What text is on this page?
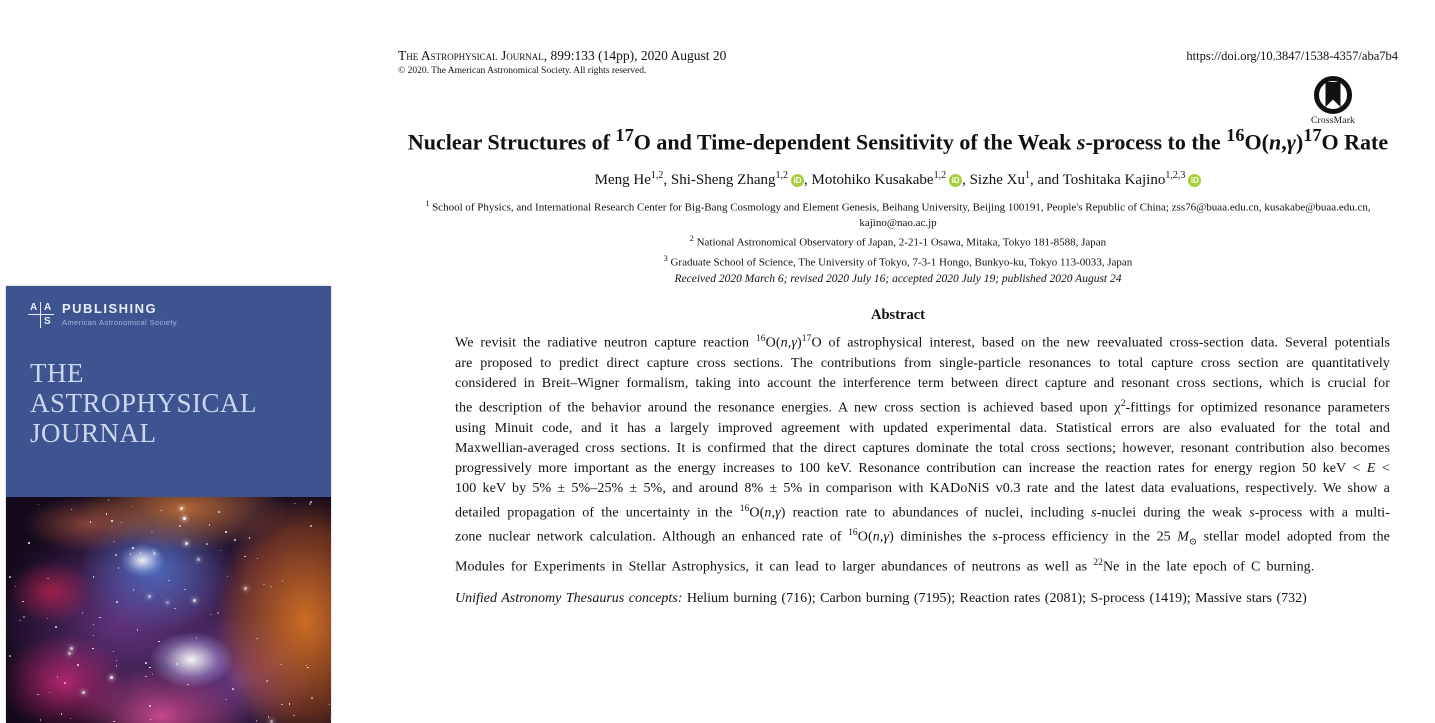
A A
S
PUBLISHING
American Astronomical Society
THE
ASTROPHYSICAL
JOURNAL
The Astrophysical Journal, 899:133 (14pp), 2020 August 20
© 2020. The American Astronomical Society. All rights reserved.
https://doi.org/10.3847/1538-4357/aba7b4
CrossMark
Nuclear Structures of $^{17}$O and Time-dependent Sensitivity of the Weak s-process to the $^{16}O(n,\gamma)^{17}O$ Rate
Meng He$^{1,2}$, Shi-Sheng Zhang$^{1,2}$ iD , Motohiko Kusakabe$^{1,2}$ iD , Sizhe Xu$^1$, and Toshitaka Kajino$^{1,2,3}$ iD
$^1$ School of Physics, and International Research Center for Big-Bang Cosmology and Element Genesis, Beihang University, Beijing 100191, People's Republic of China; zss76@buaa.edu.cn, kusakabe@buaa.edu.cn, kajino@nao.ac.jp
$^2$ National Astronomical Observatory of Japan, 2-21-1 Osawa, Mitaka, Tokyo 181-8588, Japan
$^3$ Graduate School of Science, The University of Tokyo, 7-3-1 Hongo, Bunkyo-ku, Tokyo 113-0033, Japan
Received 2020 March 6; revised 2020 July 16; accepted 2020 July 19; published 2020 August 24
Abstract

We revisit the radiative neutron capture reaction $^{16}O(n,\gamma)^{17}O$ of astrophysical interest, based on the new reevaluated cross-section data. Several potentials are proposed to predict direct capture cross sections. The contributions from single-particle resonances to total capture cross section are quantitatively considered in Breit–Wigner formalism, taking into account the interference term between direct capture and resonant cross sections, which is crucial for the description of the behavior around the resonance energies. A new cross section is achieved based upon $\chi^2$-fittings for optimized resonance parameters using Minuit code, and it has a largely improved agreement with updated experimental data. Statistical errors are also evaluated for the total and Maxwellian-averaged cross sections. It is confirmed that the direct captures dominate the total cross sections; however, resonant contribution also becomes progressively more important as the energy increases to 100 keV. Resonance contribution can increase the reaction rates for energy region 50 keV < E < 100 keV by 5% ± 5%–25% ± 5%, and around 8% ± 5% in comparison with KADoNiS v0.3 rate and the latest data evaluations, respectively. We show a detailed propagation of the uncertainty in the $^{16}$O(n,γ) reaction rate to abundances of nuclei, including s-nuclei during the weak s-process with a multi-zone nuclear network calculation. Although an enhanced rate of $^{16}$O(n,γ) diminishes the s-process efficiency in the 25 $M_⊙$ stellar model adopted from the Modules for Experiments in Stellar Astrophysics, it can lead to larger abundances of neutrons as well as $^{22}$Ne in the late epoch of C burning.

Unified Astronomy Thesaurus concepts: Helium burning (716); Carbon burning (7195); Reaction rates (2081); S-process (1419); Massive stars (732)
